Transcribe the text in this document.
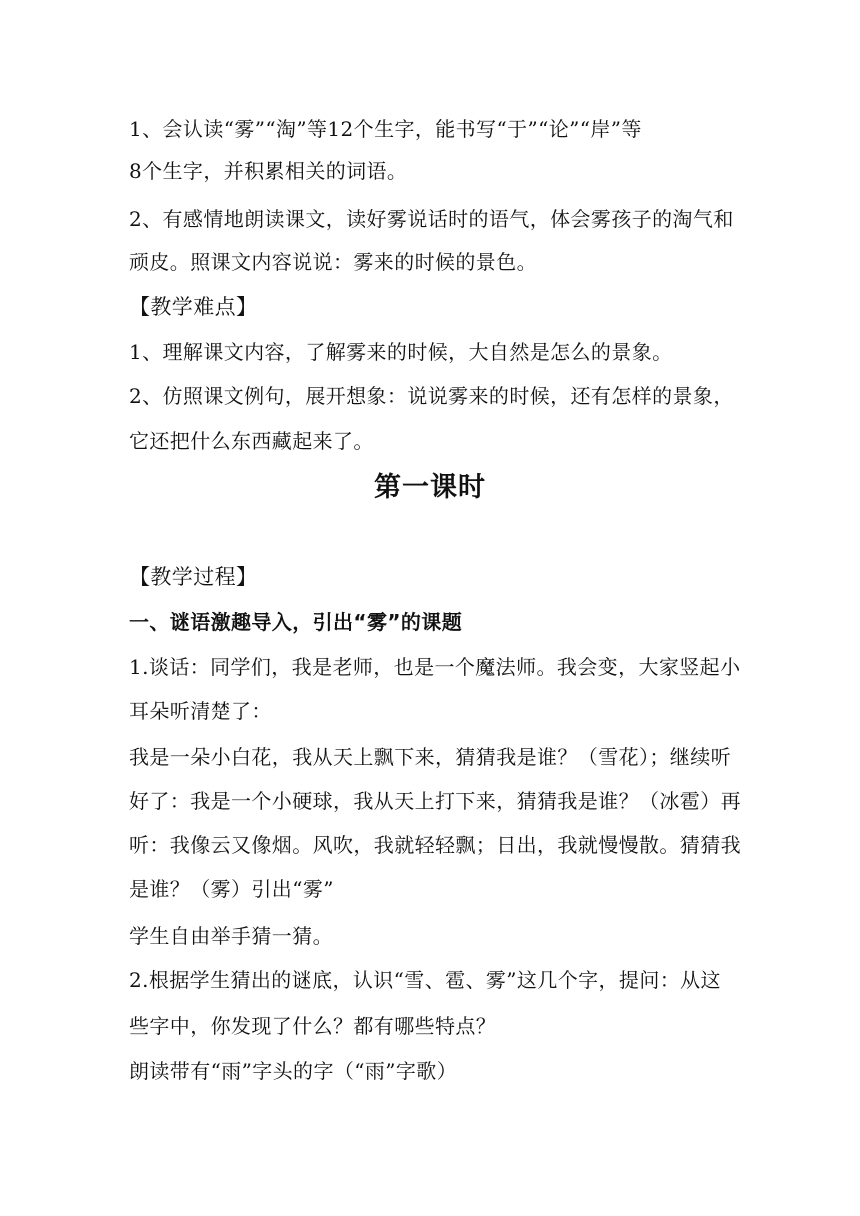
1、会认读“雾”“淘”等12个生字，能书写“于”“论”“岸”等
8个生字，并积累相关的词语。
2、有感情地朗读课文，读好雾说话时的语气，体会雾孩子的淘气和
顽皮。照课文内容说说：雾来的时候的景色。
【教学难点】
1、理解课文内容，了解雾来的时候，大自然是怎么的景象。
2、仿照课文例句，展开想象：说说雾来的时候，还有怎样的景象，
它还把什么东西藏起来了。
第一课时
【教学过程】
一、谜语激趣导入，引出“雾”的课题
1.谈话：同学们，我是老师，也是一个魔法师。我会变，大家竖起小
耳朵听清楚了：
我是一朵小白花，我从天上飘下来，猜猜我是谁？（雪花）；继续听
好了：我是一个小硬球，我从天上打下来，猜猜我是谁？（冰雹）再
听：我像云又像烟。风吹，我就轻轻飘；日出，我就慢慢散。猜猜我
是谁？（雾）引出“雾”
学生自由举手猜一猜。
2.根据学生猜出的谜底，认识“雪、雹、雾”这几个字，提问：从这
些字中，你发现了什么？都有哪些特点？
朗读带有“雨”字头的字（“雨”字歌）
